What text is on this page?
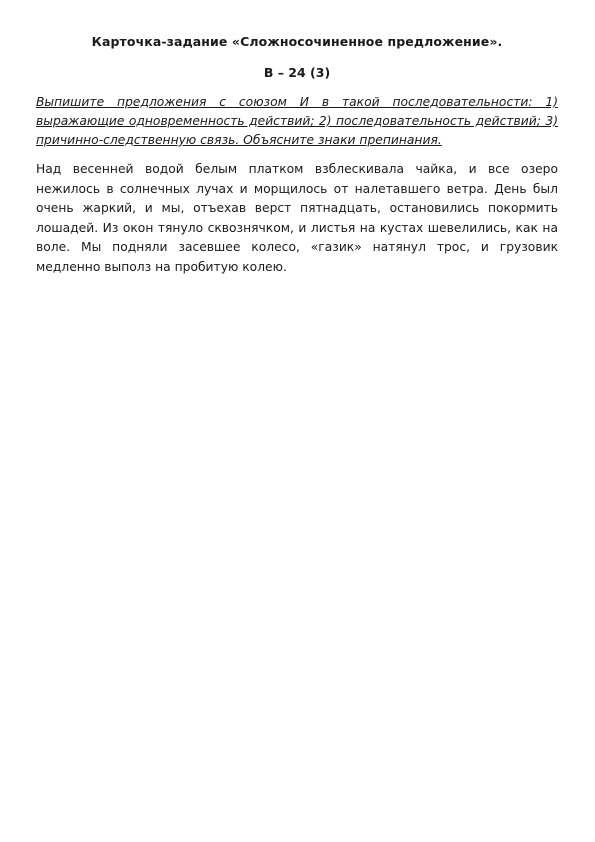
Карточка-задание «Сложносочиненное предложение».

В – 24 (3)

Выпишите предложения с союзом И в такой последовательности: 1) выражающие одновременность действий; 2) последовательность действий; 3) причинно-следственную связь. Объясните знаки препинания.

Над весенней водой белым платком взблескивала чайка, и все озеро нежилось в солнечных лучах и морщилось от налетавшего ветра. День был очень жаркий, и мы, отъехав верст пятнадцать, остановились покормить лошадей. Из окон тянуло сквознячком, и листья на кустах шевелились, как на воле. Мы подняли засевшее колесо, «газик» натянул трос, и грузовик медленно выполз на пробитую колею.
